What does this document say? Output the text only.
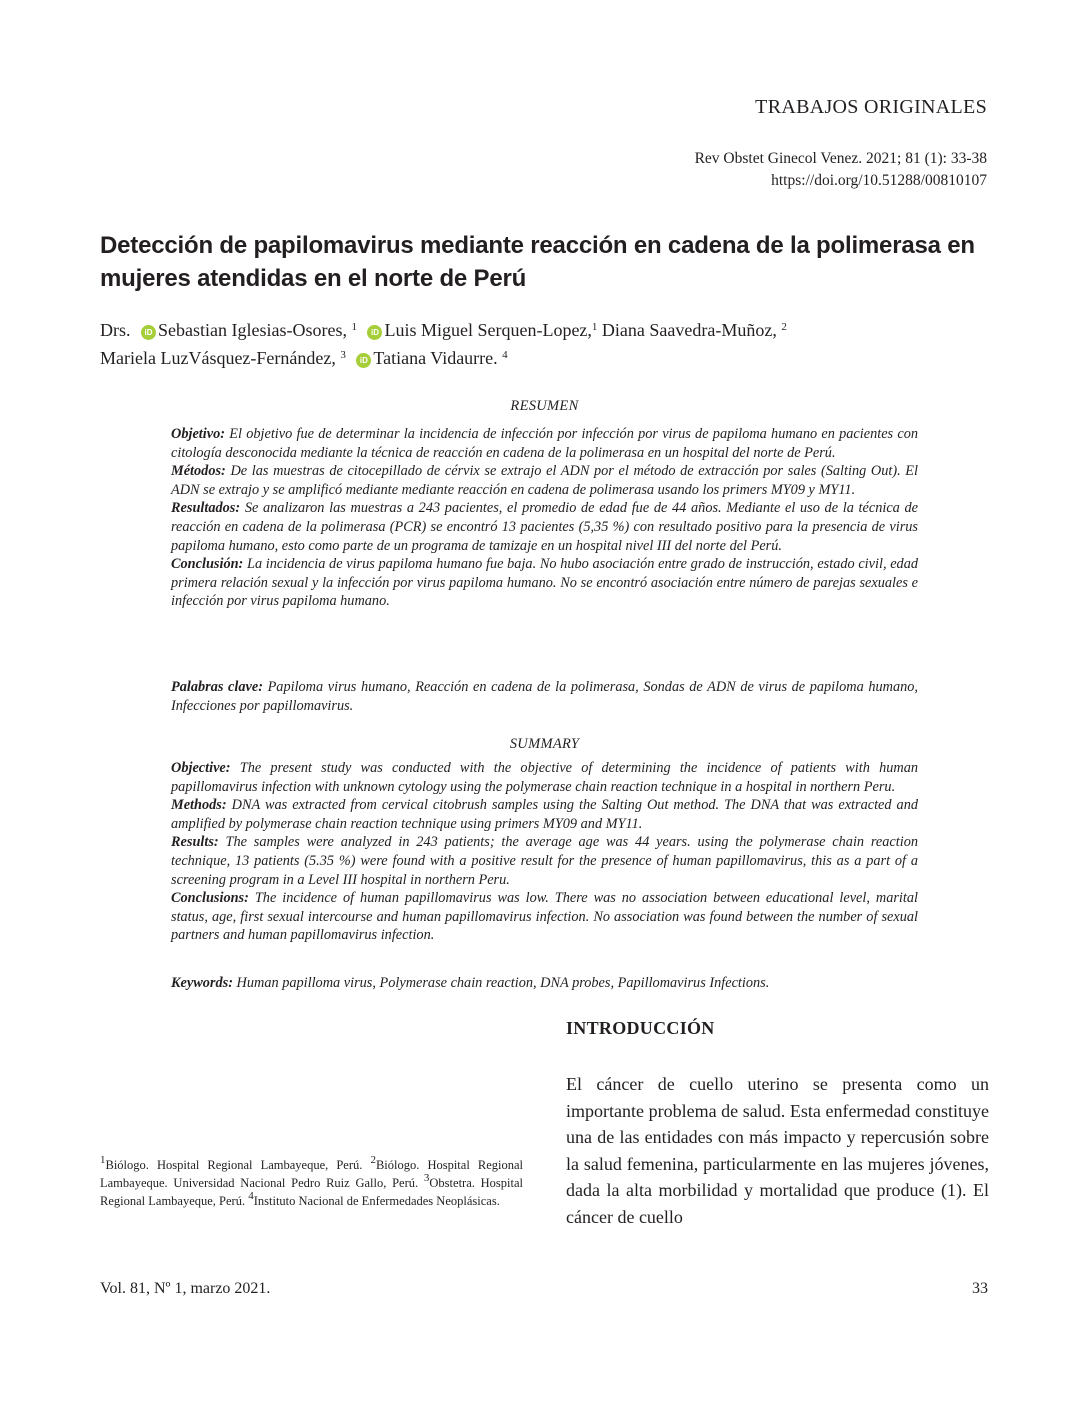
TRABAJOS ORIGINALES
Rev Obstet Ginecol Venez. 2021; 81 (1): 33-38
https://doi.org/10.51288/00810107
Detección de papilomavirus mediante reacción en cadena de la polimerasa en mujeres atendidas en el norte de Perú
Drs. iD Sebastian Iglesias-Osores, $^1$ iD Luis Miguel Serquen-Lopez,$^1$ Diana Saavedra-Muñoz, $^2$
Mariela LuzVásquez-Fernández, $^3$ iD Tatiana Vidaurre. $^4$
RESUMEN

Objetivo: El objetivo fue de determinar la incidencia de infección por infección por virus de papiloma humano en pacientes con citología desconocida mediante la técnica de reacción en cadena de la polimerasa en un hospital del norte de Perú.

Métodos: De las muestras de citocepillado de cérvix se extrajo el ADN por el método de extracción por sales (Salting Out). El ADN se extrajo y se amplificó mediante mediante reacción en cadena de polimerasa usando los primers MY09 y MY11.

Resultados: Se analizaron las muestras a 243 pacientes, el promedio de edad fue de 44 años. Mediante el uso de la técnica de reacción en cadena de la polimerasa (PCR) se encontró 13 pacientes (5,35 %) con resultado positivo para la presencia de virus papiloma humano, esto como parte de un programa de tamizaje en un hospital nivel III del norte del Perú.

Conclusión: La incidencia de virus papiloma humano fue baja. No hubo asociación entre grado de instrucción, estado civil, edad primera relación sexual y la infección por virus papiloma humano. No se encontró asociación entre número de parejas sexuales e infección por virus papiloma humano.

Palabras clave: Papiloma virus humano, Reacción en cadena de la polimerasa, Sondas de ADN de virus de papiloma humano, Infecciones por papillomavirus.

SUMMARY

Objective: The present study was conducted with the objective of determining the incidence of patients with human papillomavirus infection with unknown cytology using the polymerase chain reaction technique in a hospital in northern Peru.

Methods: DNA was extracted from cervical citobrush samples using the Salting Out method. The DNA that was extracted and amplified by polymerase chain reaction technique using primers MY09 and MY11.

Results: The samples were analyzed in 243 patients; the average age was 44 years. using the polymerase chain reaction technique, 13 patients (5.35 %) were found with a positive result for the presence of human papillomavirus, this as a part of a screening program in a Level III hospital in northern Peru.

Conclusions: The incidence of human papillomavirus was low. There was no association between educational level, marital status, age, first sexual intercourse and human papillomavirus infection. No association was found between the number of sexual partners and human papillomavirus infection.

Keywords: Human papilloma virus, Polymerase chain reaction, DNA probes, Papillomavirus Infections.

INTRODUCCIÓN
El cáncer de cuello uterino se presenta como un importante problema de salud. Esta enfermedad constituye una de las entidades con más impacto y repercusión sobre la salud femenina, particularmente en las mujeres jóvenes, dada la alta morbilidad y mortalidad que produce (1). El cáncer de cuello
$^1$Biólogo. Hospital Regional Lambayeque, Perú. $^2$Biólogo. Hospital Regional Lambayeque. Universidad Nacional Pedro Ruiz Gallo, Perú. $^3$Obstetra. Hospital Regional Lambayeque, Perú. $^4$Instituto Nacional de Enfermedades Neoplásicas.
Vol. 81, Nº 1, marzo 2021.	33
